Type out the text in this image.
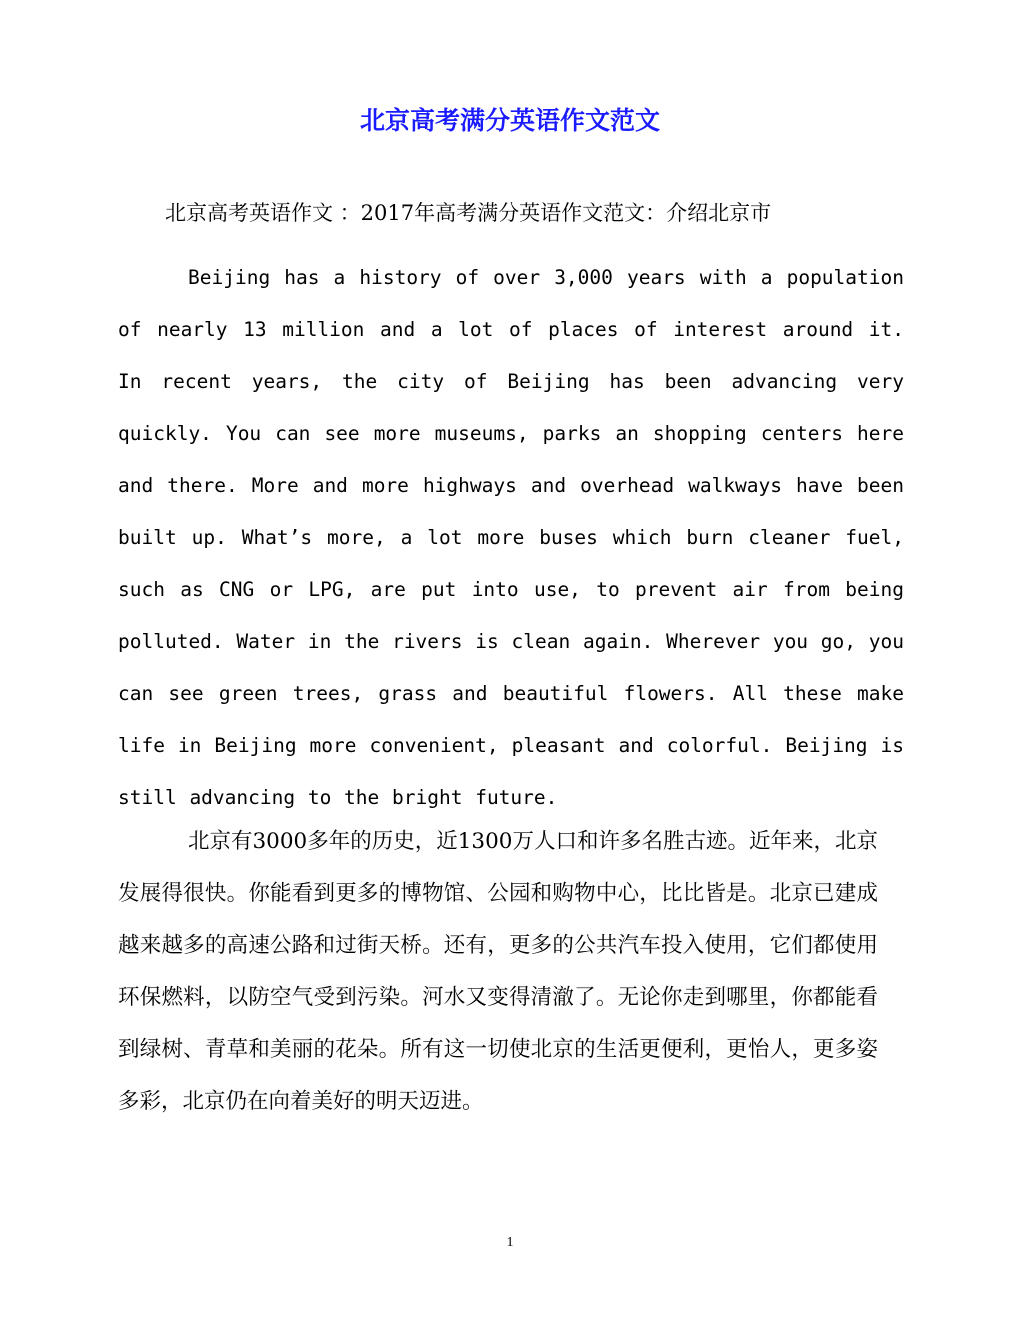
北京高考满分英语作文范文
北京高考英语作文 ：2017年高考满分英语作文范文：介绍北京市

Beijing has a history of over 3,000 years with a population of nearly 13 million and a lot of places of interest around it. In recent years, the city of Beijing has been advancing very quickly. You can see more museums, parks an shopping centers here and there. More and more highways and overhead walkways have been built up. What’s more, a lot more buses which burn cleaner fuel, such as CNG or LPG, are put into use, to prevent air from being polluted. Water in the rivers is clean again. Wherever you go, you can see green trees, grass and beautiful flowers. All these make life in Beijing more convenient, pleasant and colorful. Beijing is still advancing to the bright future.

北京有3000多年的历史，近1300万人口和许多名胜古迹。近年来，北京发展得很快。你能看到更多的博物馆、公园和购物中心，比比皆是。北京已建成越来越多的高速公路和过街天桥。还有，更多的公共汽车投入使用，它们都使用环保燃料，以防空气受到污染。河水又变得清澈了。无论你走到哪里，你都能看到绿树、青草和美丽的花朵。所有这一切使北京的生活更便利，更怡人，更多姿多彩，北京仍在向着美好的明天迈进。

1
